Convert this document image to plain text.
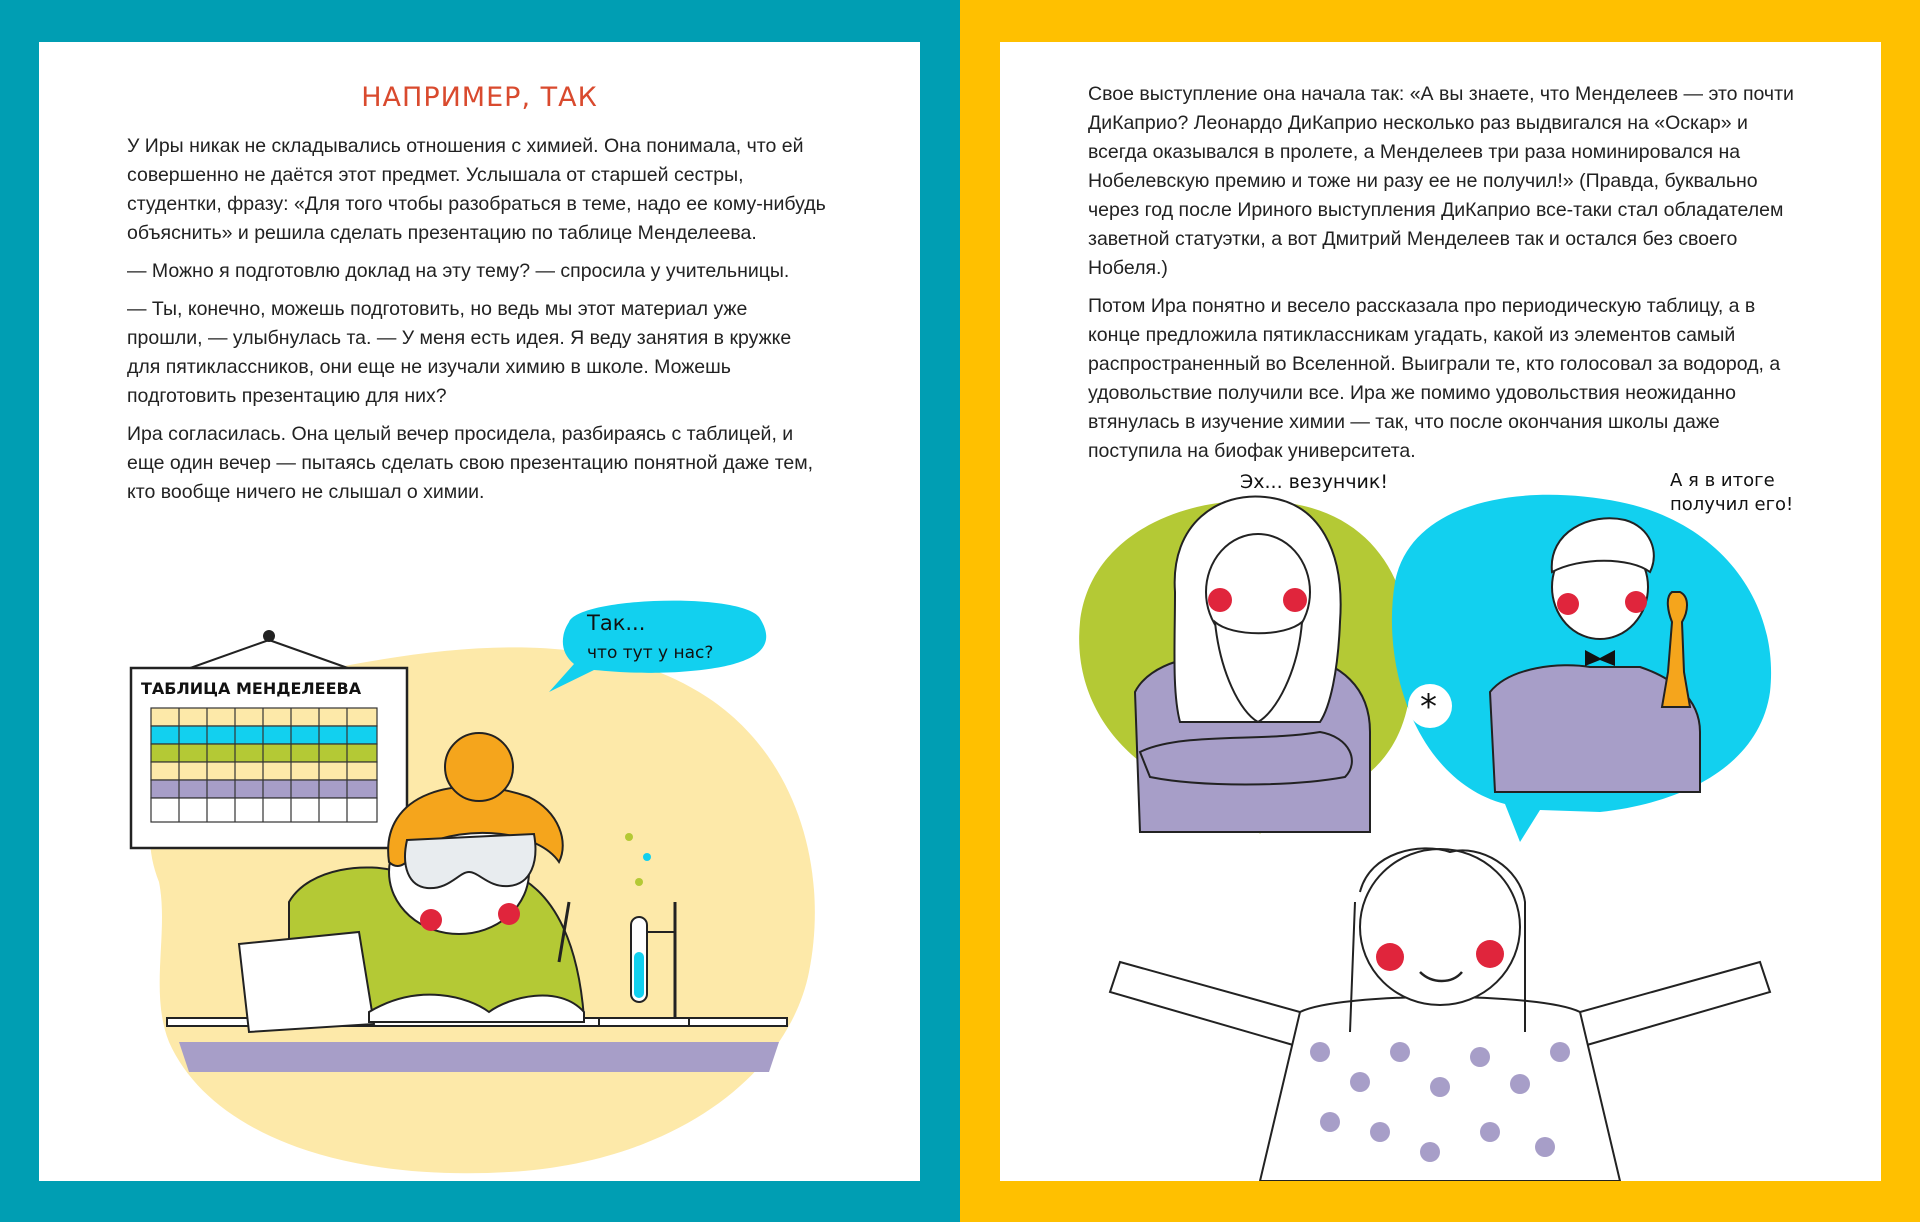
НАПРИМЕР, ТАК

У Иры никак не складывались отношения с химией. Она понимала, что ей совершенно не даётся этот предмет. Услышала от старшей сестры, студентки, фразу: «Для того чтобы разобраться в теме, надо ее кому-нибудь объяснить» и решила сделать презентацию по таблице Менделеева.

— Можно я подготовлю доклад на эту тему? — спросила у учительницы.

— Ты, конечно, можешь подготовить, но ведь мы этот материал уже прошли, — улыбнулась та. — У меня есть идея. Я веду занятия в кружке для пятиклассников, они еще не изучали химию в школе. Можешь подготовить презентацию для них?

Ира согласилась. Она целый вечер просидела, разбираясь с таблицей, и еще один вечер — пытаясь сделать свою презентацию понятной даже тем, кто вообще ничего не слышал о химии.

ТАБЛИЦА МЕНДЕЛЕЕВА
Так...
что тут у нас?

Свое выступление она начала так: «А вы знаете, что Менделеев — это почти ДиКаприо? Леонардо ДиКаприо несколько раз выдвигался на «Оскар» и всегда оказывался в пролете, а Менделеев три раза номинировался на Нобелевскую премию и тоже ни разу ее не получил!» (Правда, буквально через год после Ириного выступления ДиКаприо все-таки стал обладателем заветной статуэтки, а вот Дмитрий Менделеев так и остался без своего Нобеля.)

Потом Ира понятно и весело рассказала про периодическую таблицу, а в конце предложила пятиклассникам угадать, какой из элементов самый распространенный во Вселенной. Выиграли те, кто голосовал за водород, а удовольствие получили все. Ира же помимо удовольствия неожиданно втянулась в изучение химии — так, что после окончания школы даже поступила на биофак университета.

*
Эх... везунчик!	А я в итоге
получил его!
